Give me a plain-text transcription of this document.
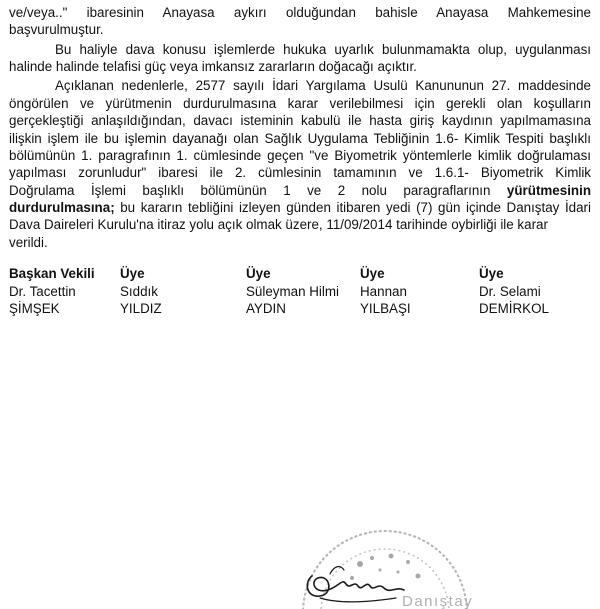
ve/veya.." ibaresinin Anayasa aykırı olduğundan bahisle Anayasa Mahkemesine
başvurulmuştur.
Bu haliyle dava konusu işlemlerde hukuka uyarlık bulunmamakta olup, uygulanması
halinde halinde telafisi güç veya imkansız zararların doğacağı açıktır.
Açıklanan nedenlerle, 2577 sayılı İdari Yargılama Usulü Kanununun 27. maddesinde
öngörülen ve yürütmenin durdurulmasına karar verilebilmesi için gerekli olan koşulların
gerçekleştiği anlaşıldığından, davacı isteminin kabulü ile hasta giriş kaydının yapılmamasına
ilişkin işlem ile bu işlemin dayanağı olan Sağlık Uygulama Tebliğinin 1.6- Kimlik Tespiti başlıklı
bölümünün 1. paragrafının 1. cümlesinde geçen "ve Biyometrik yöntemlerle kimlik doğrulaması
yapılması zorunludur" ibaresi ile 2. cümlesinin tamamının ve 1.6.1- Biyometrik Kimlik
Doğrulama İşlemi başlıklı bölümünün 1 ve 2 nolu paragraflarının yürütmesinin
durdurulmasına; bu kararın tebliğini izleyen günden itibaren yedi (7) gün içinde Danıştay İdari
Dava Daireleri Kurulu'na itiraz yolu açık olmak üzere, 11/09/2014 tarihinde oybirliği ile karar
verildi.
Başkan Vekili
Dr. Tacettin
ŞİMŞEK
Üye
Sıddık
YILDIZ
Üye
Süleyman Hilmi
AYDIN
Üye
Hannan
YILBAŞI
Üye
Dr. Selami
DEMİRKOL
Danıştay
